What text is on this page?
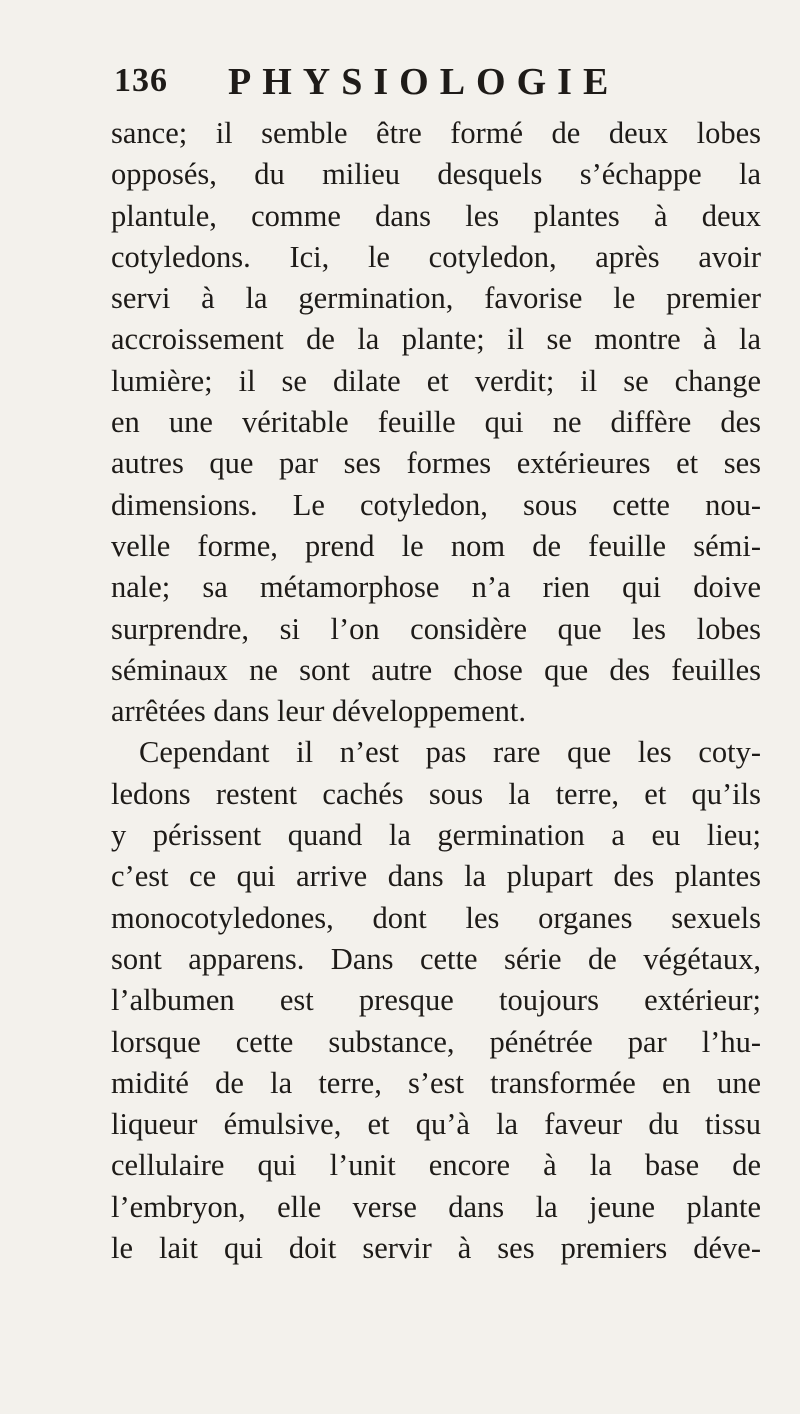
136 PHYSIOLOGIE
sance; il semble être formé de deux lobes
opposés, du milieu desquels s’échappe la
plantule, comme dans les plantes à deux
cotyledons. Ici, le cotyledon, après avoir
servi à la germination, favorise le premier
accroissement de la plante; il se montre à la
lumière; il se dilate et verdit; il se change
en une véritable feuille qui ne diffère des
autres que par ses formes extérieures et ses
dimensions. Le cotyledon, sous cette nou-
velle forme, prend le nom de feuille sémi-
nale; sa métamorphose n’a rien qui doive
surprendre, si l’on considère que les lobes
séminaux ne sont autre chose que des feuilles
arrêtées dans leur développement.
Cependant il n’est pas rare que les coty-
ledons restent cachés sous la terre, et qu’ils
y périssent quand la germination a eu lieu;
c’est ce qui arrive dans la plupart des plantes
monocotyledones, dont les organes sexuels
sont apparens. Dans cette série de végétaux,
l’albumen est presque toujours extérieur;
lorsque cette substance, pénétrée par l’hu-
midité de la terre, s’est transformée en une
liqueur émulsive, et qu’à la faveur du tissu
cellulaire qui l’unit encore à la base de
l’embryon, elle verse dans la jeune plante
le lait qui doit servir à ses premiers déve-
